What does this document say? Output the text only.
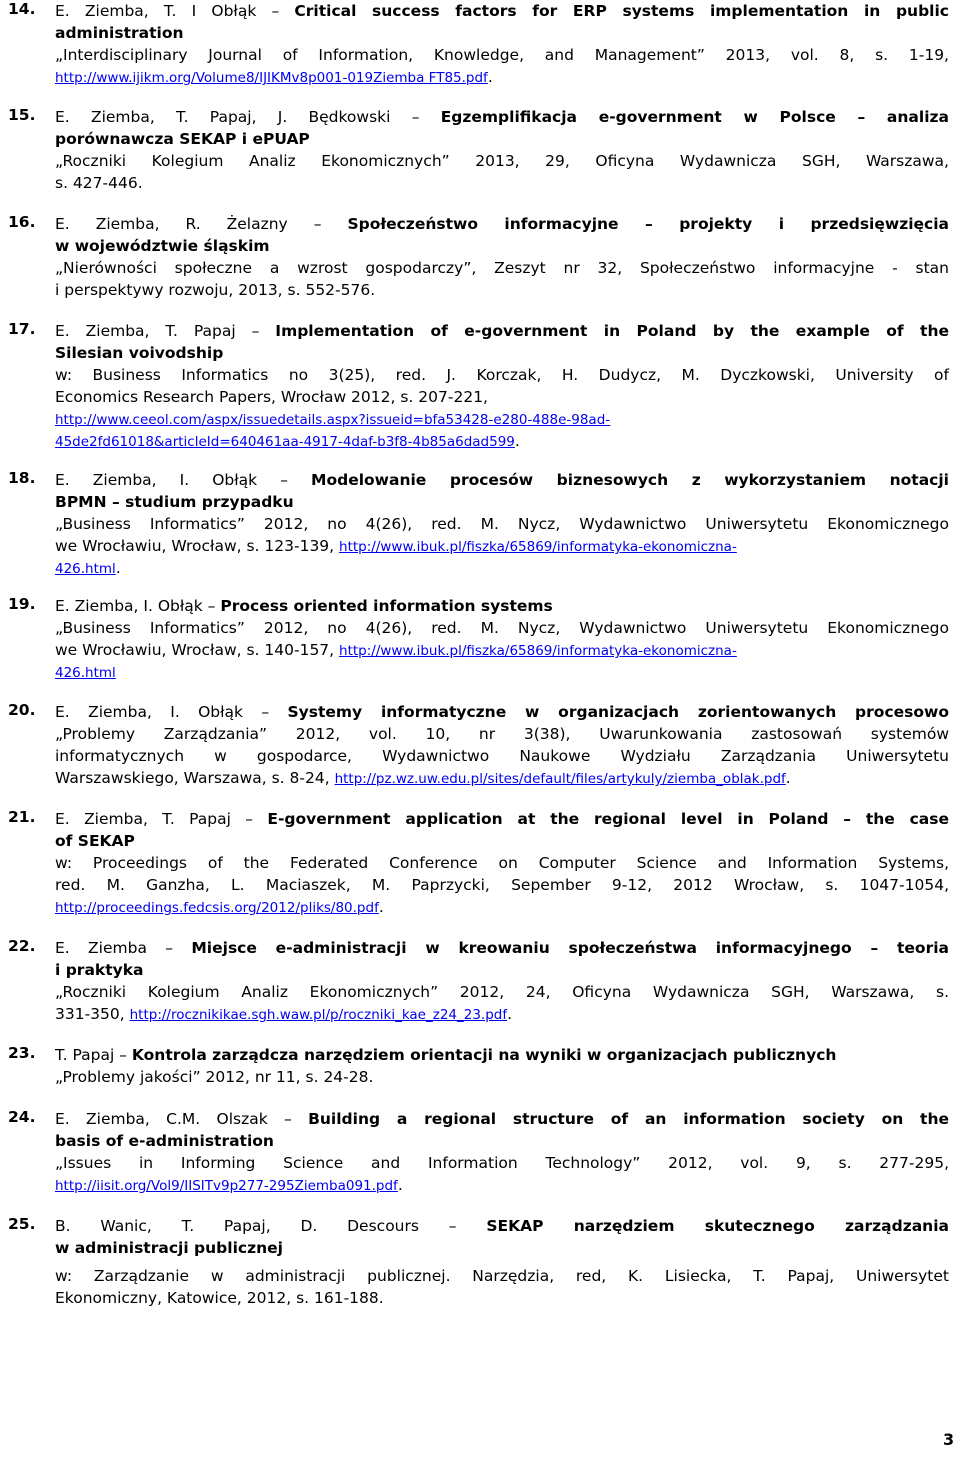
14. E. Ziemba, T. I Obłąk – Critical success factors for ERP systems implementation in public
administration
„Interdisciplinary Journal of Information, Knowledge, and Management” 2013, vol. 8, s. 1-19,
http://www.ijikm.org/Volume8/IJIKMv8p001-019Ziemba FT85.pdf.
15. E. Ziemba, T. Papaj, J. Będkowski – Egzemplifikacja e-government w Polsce – analiza
porównawcza SEKAP i ePUAP
„Roczniki Kolegium Analiz Ekonomicznych” 2013, 29, Oficyna Wydawnicza SGH, Warszawa,
s. 427-446.
16. E. Ziemba, R. Żelazny – Społeczeństwo informacyjne – projekty i przedsięwzięcia
w województwie śląskim
„Nierówności społeczne a wzrost gospodarczy”, Zeszyt nr 32, Społeczeństwo informacyjne - stan
i perspektywy rozwoju, 2013, s. 552-576.
17. E. Ziemba, T. Papaj – Implementation of e-government in Poland by the example of the
Silesian voivodship
w: Business Informatics no 3(25), red. J. Korczak, H. Dudycz, M. Dyczkowski, University of
Economics Research Papers, Wrocław 2012, s. 207-221,
http://www.ceeol.com/aspx/issuedetails.aspx?issueid=bfa53428-e280-488e-98ad-
45de2fd61018&articleId=640461aa-4917-4daf-b3f8-4b85a6dad599.
18. E. Ziemba, I. Obłąk – Modelowanie procesów biznesowych z wykorzystaniem notacji
BPMN – studium przypadku
„Business Informatics” 2012, no 4(26), red. M. Nycz, Wydawnictwo Uniwersytetu Ekonomicznego
we Wrocławiu, Wrocław, s. 123-139, http://www.ibuk.pl/fiszka/65869/informatyka-ekonomiczna-
426.html.
19. E. Ziemba, I. Obłąk – Process oriented information systems
„Business Informatics” 2012, no 4(26), red. M. Nycz, Wydawnictwo Uniwersytetu Ekonomicznego
we Wrocławiu, Wrocław, s. 140-157, http://www.ibuk.pl/fiszka/65869/informatyka-ekonomiczna-
426.html
20. E. Ziemba, I. Obłąk – Systemy informatyczne w organizacjach zorientowanych procesowo
„Problemy Zarządzania” 2012, vol. 10, nr 3(38), Uwarunkowania zastosowań systemów
informatycznych w gospodarce, Wydawnictwo Naukowe Wydziału Zarządzania Uniwersytetu
Warszawskiego, Warszawa, s. 8-24, http://pz.wz.uw.edu.pl/sites/default/files/artykuly/ziemba_oblak.pdf.
21. E. Ziemba, T. Papaj – E-government application at the regional level in Poland – the case
of SEKAP
w: Proceedings of the Federated Conference on Computer Science and Information Systems,
red. M. Ganzha, L. Maciaszek, M. Paprzycki, Sepember 9-12, 2012 Wrocław, s. 1047-1054,
http://proceedings.fedcsis.org/2012/pliks/80.pdf.
22. E. Ziemba – Miejsce e-administracji w kreowaniu społeczeństwa informacyjnego – teoria
i praktyka
„Roczniki Kolegium Analiz Ekonomicznych” 2012, 24, Oficyna Wydawnicza SGH, Warszawa, s.
331-350, http://rocznikikae.sgh.waw.pl/p/roczniki_kae_z24_23.pdf.
23. T. Papaj – Kontrola zarządcza narzędziem orientacji na wyniki w organizacjach publicznych
„Problemy jakości” 2012, nr 11, s. 24-28.
24. E. Ziemba, C.M. Olszak – Building a regional structure of an information society on the
basis of e-administration
„Issues in Informing Science and Information Technology” 2012, vol. 9, s. 277-295,
http://iisit.org/Vol9/IISITv9p277-295Ziemba091.pdf.
25. B. Wanic, T. Papaj, D. Descours – SEKAP narzędziem skutecznego zarządzania
w administracji publicznej
w: Zarządzanie w administracji publicznej. Narzędzia, red, K. Lisiecka, T. Papaj, Uniwersytet
Ekonomiczny, Katowice, 2012, s. 161-188.
3
